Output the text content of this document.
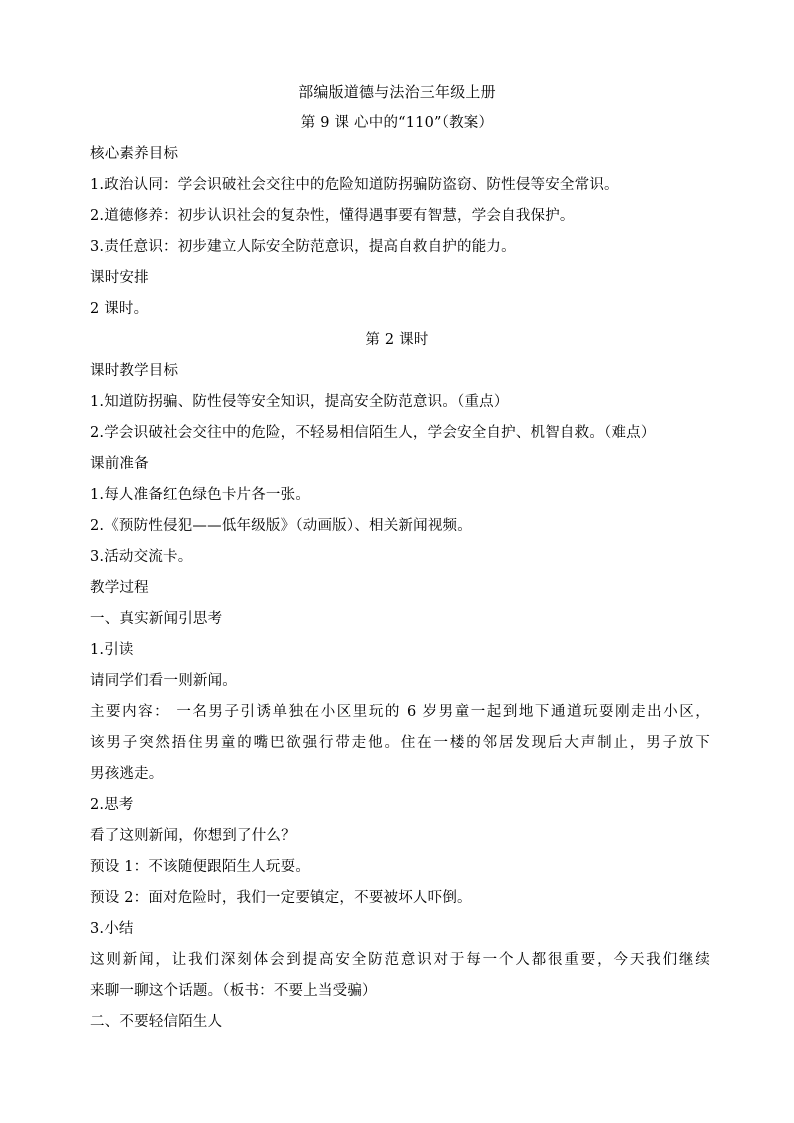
部编版道德与法治三年级上册
第 9 课 心中的“110”（教案）
核心素养目标
1.政治认同：学会识破社会交往中的危险知道防拐骗防盗窃、防性侵等安全常识。
2.道德修养：初步认识社会的复杂性，懂得遇事要有智慧，学会自我保护。
3.责任意识：初步建立人际安全防范意识，提高自救自护的能力。
课时安排
2 课时。
第 2 课时
课时教学目标
1.知道防拐骗、防性侵等安全知识，提高安全防范意识。（重点）
2.学会识破社会交往中的危险，不轻易相信陌生人，学会安全自护、机智自救。（难点）
课前准备
1.每人准备红色绿色卡片各一张。
2.《预防性侵犯——低年级版》（动画版）、相关新闻视频。
3.活动交流卡。
教学过程
一、真实新闻引思考
1.引读
请同学们看一则新闻。
主要内容： 一名男子引诱单独在小区里玩的 6 岁男童一起到地下通道玩耍刚走出小区，
该男子突然捂住男童的嘴巴欲强行带走他。住在一楼的邻居发现后大声制止，男子放下
男孩逃走。
2.思考
看了这则新闻，你想到了什么？
预设 1：不该随便跟陌生人玩耍。
预设 2：面对危险时，我们一定要镇定，不要被坏人吓倒。
3.小结
这则新闻，让我们深刻体会到提高安全防范意识对于每一个人都很重要，今天我们继续
来聊一聊这个话题。（板书：不要上当受骗）
二、不要轻信陌生人
